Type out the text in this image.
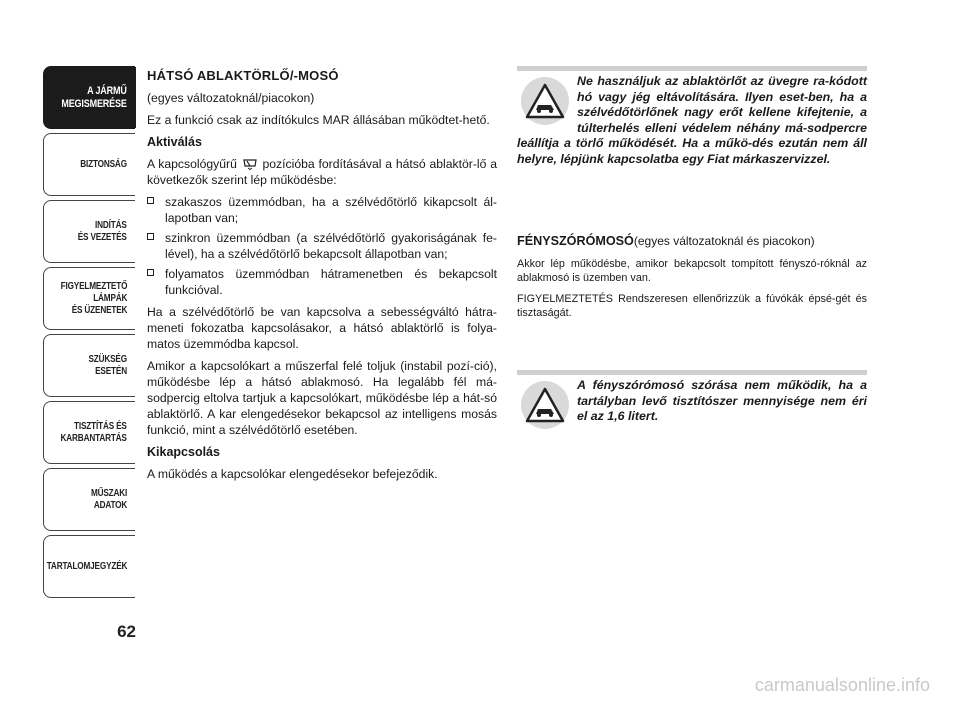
A JÁRMŰ
MEGISMERÉSE
BIZTONSÁG
INDÍTÁS
ÉS VEZETÉS
FIGYELMEZTETŐ
LÁMPÁK
ÉS ÜZENETEK
SZÜKSÉG
ESETÉN
TISZTÍTÁS ÉS
KARBANTARTÁS
MŰSZAKI
ADATOK
TARTALOMJEGYZÉK
62

HÁTSÓ ABLAKTÖRLŐ/-MOSÓ

(egyes változatoknál/piacokon)

Ez a funkció csak az indítókulcs MAR állásában működtet-hető.

Aktiválás

A kapcsológyűrű pozícióba fordításával a hátsó ablaktör-lő a következők szerint lép működésbe:

szakaszos üzemmódban, ha a szélvédőtörlő kikapcsolt ál-lapotban van;
szinkron üzemmódban (a szélvédőtörlő gyakoriságának fe-lével), ha a szélvédőtörlő bekapcsolt állapotban van;
folyamatos üzemmódban hátramenetben és bekapcsolt funkcióval.

Ha a szélvédőtörlő be van kapcsolva a sebességváltó hátra-meneti fokozatba kapcsolásakor, a hátsó ablaktörlő is folya-matos üzemmódba kapcsol.

Amikor a kapcsolókart a műszerfal felé toljuk (instabil pozí-ció), működésbe lép a hátsó ablakmosó. Ha legalább fél má-sodpercig eltolva tartjuk a kapcsolókart, működésbe lép a hát-só ablaktörlő. A kar elengedésekor bekapcsol az intelligens mosás funkció, mint a szélvédőtörlő esetében.

Kikapcsolás

A működés a kapcsolókar elengedésekor befejeződik.

Ne használjuk az ablaktörlőt az üvegre ra-kódott hó vagy jég eltávolítására. Ilyen eset-ben, ha a szélvédőtörlőnek nagy erőt kellene kifejtenie, a túlterhelés elleni védelem néhány má-sodpercre leállítja a törlő működését. Ha a műkö-dés ezután nem áll helyre, lépjünk kapcsolatba egy Fiat márkaszervizzel.

FÉNYSZÓRÓMOSÓ(egyes változatoknál és piacokon)

Akkor lép működésbe, amikor bekapcsolt tompított fényszó-róknál az ablakmosó is üzemben van.

FIGYELMEZTETÉS Rendszeresen ellenőrizzük a fúvókák épsé-gét és tisztaságát.

A fényszórómosó szórása nem működik, ha a tartályban levő tisztítószer mennyisége nem éri el az 1,6 litert.
carmanualsonline.info
